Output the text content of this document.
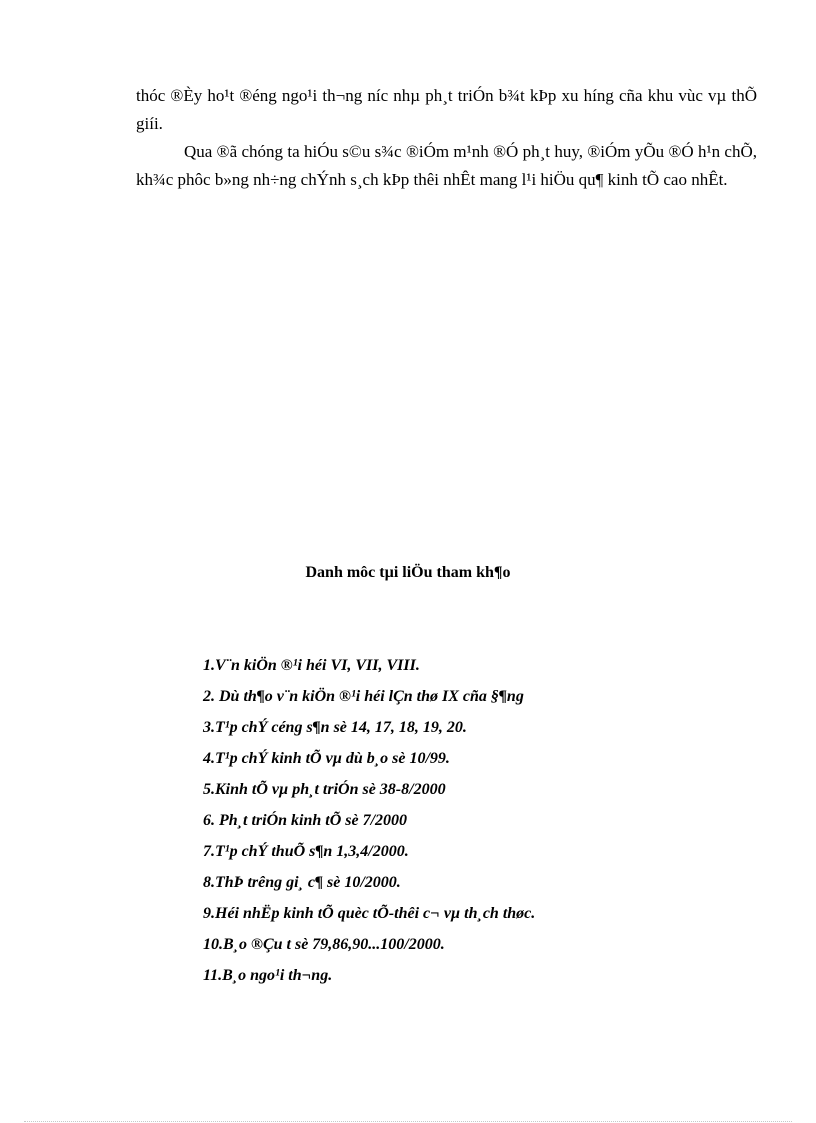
thóc ®Èy ho¹t ®éng ngo¹i th¬ng níc nhµ ph¸t triÓn b¾t kÞp xu híng cña khu vùc vµ thÕ giíi.

Qua ®ã chóng ta hiÓu s©u s¾c ®iÓm m¹nh ®Ó ph¸t huy, ®iÓm yÕu ®Ó h¹n chÕ, kh¾c phôc b»ng nh÷ng chÝnh s¸ch kÞp thêi nhÊt mang l¹i hiÖu qu¶ kinh tÕ cao nhÊt.

Danh môc tµi liÖu tham kh¶o
1.V¨n kiÖn ®¹i héi VI, VII, VIII.
2. Dù th¶o v¨n kiÖn ®¹i héi lÇn thø IX cña §¶ng
3.T¹p chÝ céng s¶n sè 14, 17, 18, 19, 20.
4.T¹p chÝ kinh tÕ vµ dù b¸o sè 10/99.
5.Kinh tÕ vµ ph¸t triÓn sè 38-8/2000
6. Ph¸t triÓn kinh tÕ sè 7/2000
7.T¹p chÝ thuÕ s¶n 1,3,4/2000.
8.ThÞ trêng gi¸ c¶ sè 10/2000.
9.Héi nhËp kinh tÕ quèc tÕ-thêi c¬ vµ th¸ch thøc.
10.B¸o ®Çu t sè 79,86,90...100/2000.
11.B¸o ngo¹i th¬ng.
